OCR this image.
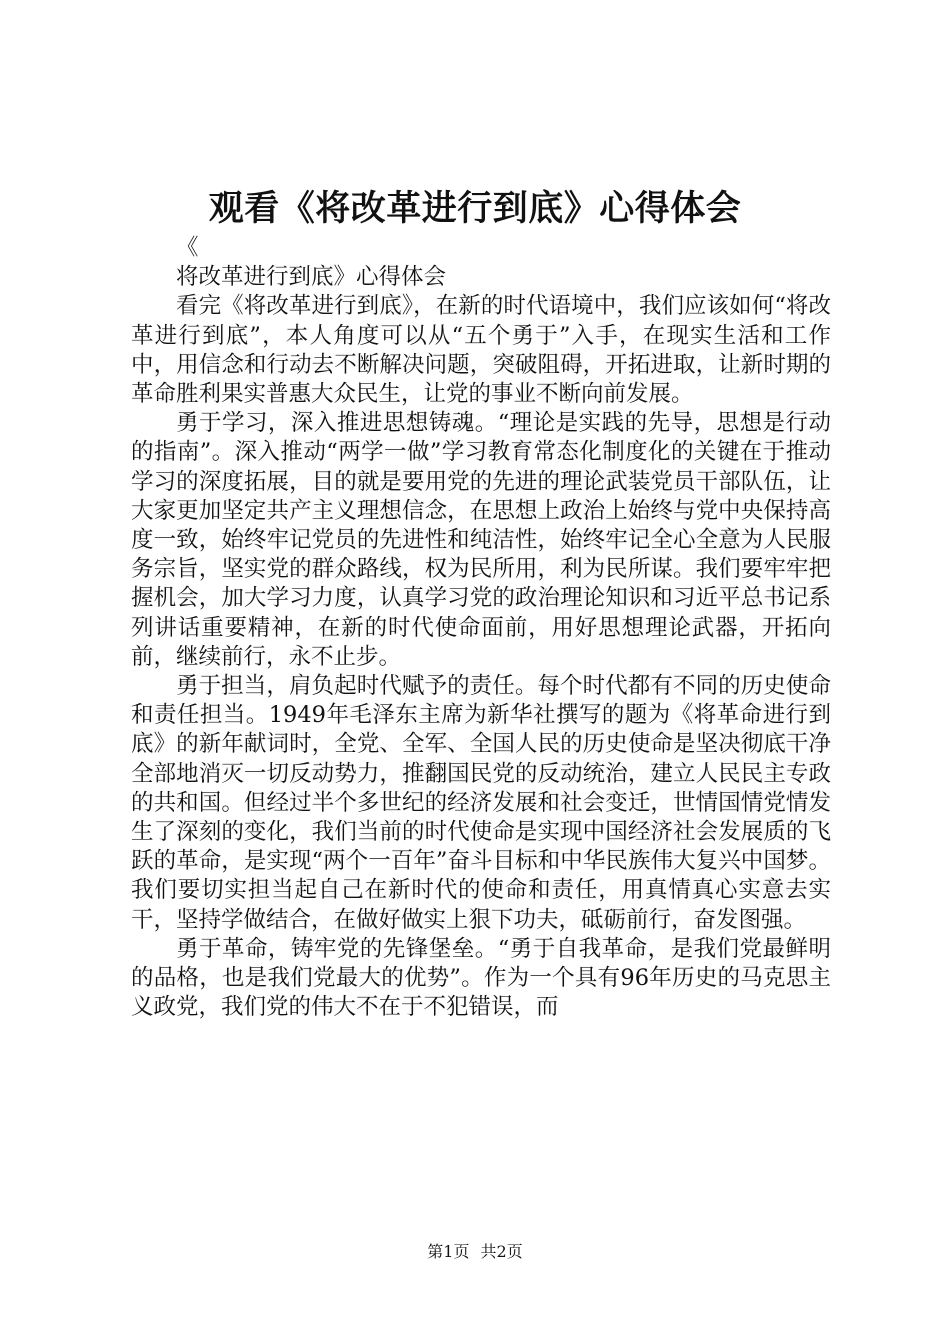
观看《将改革进行到底》心得体会

《

将改革进行到底》心得体会

看完《将改革进行到底》，在新的时代语境中，我们应该如何“将改革进行到底”，本人角度可以从“五个勇于”入手，在现实生活和工作中，用信念和行动去不断解决问题，突破阻碍，开拓进取，让新时期的革命胜利果实普惠大众民生，让党的事业不断向前发展。

勇于学习，深入推进思想铸魂。“理论是实践的先导，思想是行动的指南”。深入推动“两学一做”学习教育常态化制度化的关键在于推动学习的深度拓展，目的就是要用党的先进的理论武装党员干部队伍，让大家更加坚定共产主义理想信念，在思想上政治上始终与党中央保持高度一致，始终牢记党员的先进性和纯洁性，始终牢记全心全意为人民服务宗旨，坚实党的群众路线，权为民所用，利为民所谋。我们要牢牢把握机会，加大学习力度，认真学习党的政治理论知识和习近平总书记系列讲话重要精神，在新的时代使命面前，用好思想理论武器，开拓向前，继续前行，永不止步。

勇于担当，肩负起时代赋予的责任。每个时代都有不同的历史使命和责任担当。1949年毛泽东主席为新华社撰写的题为《将革命进行到底》的新年献词时，全党、全军、全国人民的历史使命是坚决彻底干净全部地消灭一切反动势力，推翻国民党的反动统治，建立人民民主专政的共和国。但经过半个多世纪的经济发展和社会变迁，世情国情党情发生了深刻的变化，我们当前的时代使命是实现中国经济社会发展质的飞跃的革命，是实现“两个一百年”奋斗目标和中华民族伟大复兴中国梦。我们要切实担当起自己在新时代的使命和责任，用真情真心实意去实干，坚持学做结合，在做好做实上狠下功夫，砥砺前行，奋发图强。

勇于革命，铸牢党的先锋堡垒。“勇于自我革命，是我们党最鲜明的品格，也是我们党最大的优势”。作为一个具有96年历史的马克思主义政党，我们党的伟大不在于不犯错误，而

第1页 共2页
